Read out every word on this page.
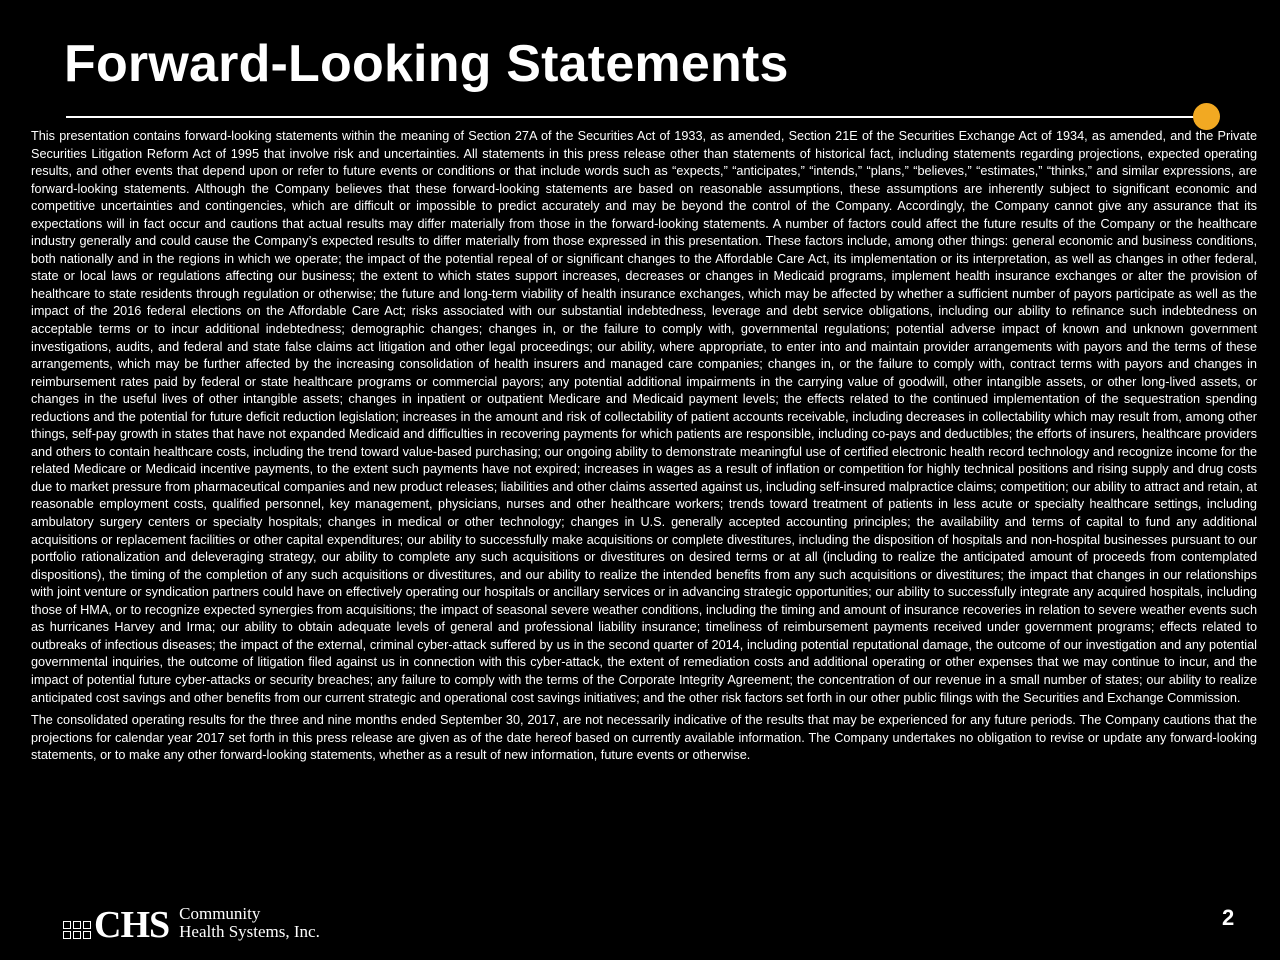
Forward-Looking Statements

This presentation contains forward-looking statements within the meaning of Section 27A of the Securities Act of 1933, as amended, Section 21E of the Securities Exchange Act of 1934, as amended, and the Private Securities Litigation Reform Act of 1995 that involve risk and uncertainties. All statements in this press release other than statements of historical fact, including statements regarding projections, expected operating results, and other events that depend upon or refer to future events or conditions or that include words such as “expects,” “anticipates,” “intends,” “plans,” “believes,” “estimates,” “thinks,” and similar expressions, are forward-looking statements. Although the Company believes that these forward-looking statements are based on reasonable assumptions, these assumptions are inherently subject to significant economic and competitive uncertainties and contingencies, which are difficult or impossible to predict accurately and may be beyond the control of the Company. Accordingly, the Company cannot give any assurance that its expectations will in fact occur and cautions that actual results may differ materially from those in the forward-looking statements. A number of factors could affect the future results of the Company or the healthcare industry generally and could cause the Company’s expected results to differ materially from those expressed in this presentation. These factors include, among other things: general economic and business conditions, both nationally and in the regions in which we operate; the impact of the potential repeal of or significant changes to the Affordable Care Act, its implementation or its interpretation, as well as changes in other federal, state or local laws or regulations affecting our business; the extent to which states support increases, decreases or changes in Medicaid programs, implement health insurance exchanges or alter the provision of healthcare to state residents through regulation or otherwise; the future and long-term viability of health insurance exchanges, which may be affected by whether a sufficient number of payors participate as well as the impact of the 2016 federal elections on the Affordable Care Act; risks associated with our substantial indebtedness, leverage and debt service obligations, including our ability to refinance such indebtedness on acceptable terms or to incur additional indebtedness; demographic changes; changes in, or the failure to comply with, governmental regulations; potential adverse impact of known and unknown government investigations, audits, and federal and state false claims act litigation and other legal proceedings; our ability, where appropriate, to enter into and maintain provider arrangements with payors and the terms of these arrangements, which may be further affected by the increasing consolidation of health insurers and managed care companies; changes in, or the failure to comply with, contract terms with payors and changes in reimbursement rates paid by federal or state healthcare programs or commercial payors; any potential additional impairments in the carrying value of goodwill, other intangible assets, or other long-lived assets, or changes in the useful lives of other intangible assets; changes in inpatient or outpatient Medicare and Medicaid payment levels; the effects related to the continued implementation of the sequestration spending reductions and the potential for future deficit reduction legislation; increases in the amount and risk of collectability of patient accounts receivable, including decreases in collectability which may result from, among other things, self-pay growth in states that have not expanded Medicaid and difficulties in recovering payments for which patients are responsible, including co-pays and deductibles; the efforts of insurers, healthcare providers and others to contain healthcare costs, including the trend toward value-based purchasing; our ongoing ability to demonstrate meaningful use of certified electronic health record technology and recognize income for the related Medicare or Medicaid incentive payments, to the extent such payments have not expired; increases in wages as a result of inflation or competition for highly technical positions and rising supply and drug costs due to market pressure from pharmaceutical companies and new product releases; liabilities and other claims asserted against us, including self-insured malpractice claims; competition; our ability to attract and retain, at reasonable employment costs, qualified personnel, key management, physicians, nurses and other healthcare workers; trends toward treatment of patients in less acute or specialty healthcare settings, including ambulatory surgery centers or specialty hospitals; changes in medical or other technology; changes in U.S. generally accepted accounting principles; the availability and terms of capital to fund any additional acquisitions or replacement facilities or other capital expenditures; our ability to successfully make acquisitions or complete divestitures, including the disposition of hospitals and non-hospital businesses pursuant to our portfolio rationalization and deleveraging strategy, our ability to complete any such acquisitions or divestitures on desired terms or at all (including to realize the anticipated amount of proceeds from contemplated dispositions), the timing of the completion of any such acquisitions or divestitures, and our ability to realize the intended benefits from any such acquisitions or divestitures; the impact that changes in our relationships with joint venture or syndication partners could have on effectively operating our hospitals or ancillary services or in advancing strategic opportunities; our ability to successfully integrate any acquired hospitals, including those of HMA, or to recognize expected synergies from acquisitions; the impact of seasonal severe weather conditions, including the timing and amount of insurance recoveries in relation to severe weather events such as hurricanes Harvey and Irma; our ability to obtain adequate levels of general and professional liability insurance; timeliness of reimbursement payments received under government programs; effects related to outbreaks of infectious diseases; the impact of the external, criminal cyber-attack suffered by us in the second quarter of 2014, including potential reputational damage, the outcome of our investigation and any potential governmental inquiries, the outcome of litigation filed against us in connection with this cyber-attack, the extent of remediation costs and additional operating or other expenses that we may continue to incur, and the impact of potential future cyber-attacks or security breaches; any failure to comply with the terms of the Corporate Integrity Agreement; the concentration of our revenue in a small number of states; our ability to realize anticipated cost savings and other benefits from our current strategic and operational cost savings initiatives; and the other risk factors set forth in our other public filings with the Securities and Exchange Commission.

The consolidated operating results for the three and nine months ended September 30, 2017, are not necessarily indicative of the results that may be experienced for any future periods. The Company cautions that the projections for calendar year 2017 set forth in this press release are given as of the date hereof based on currently available information. The Company undertakes no obligation to revise or update any forward-looking statements, or to make any other forward-looking statements, whether as a result of new information, future events or otherwise.

CHS Community
Health Systems, Inc.
2
